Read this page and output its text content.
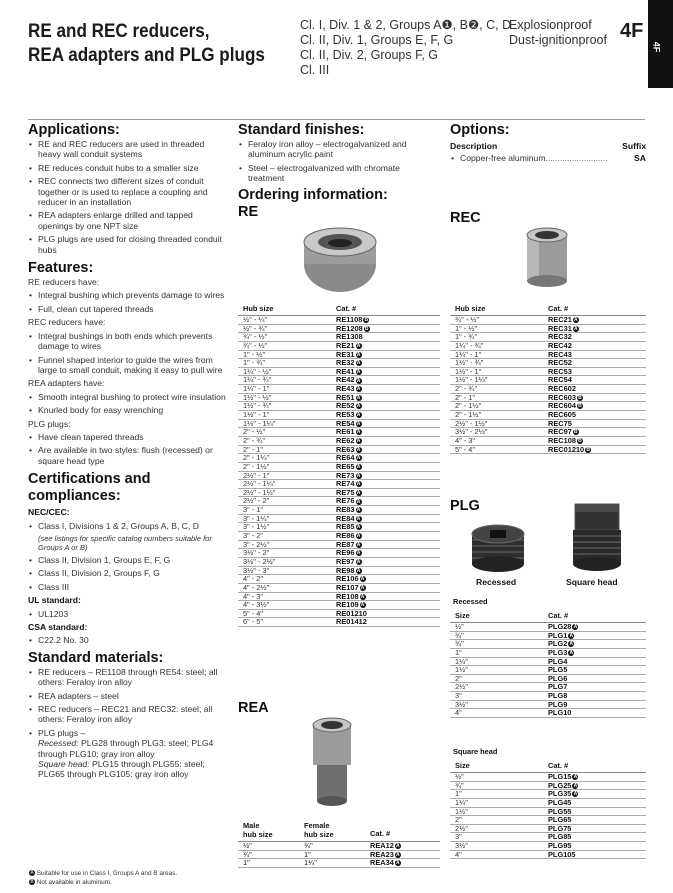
RE and REC reducers,
REA adapters and PLG plugs
Cl. I, Div. 1 & 2, Groups A❶, B❷, C, D
Cl. II, Div. 1, Groups E, F, G
Cl. II, Div. 2, Groups F, G
Cl. III
Explosionproof
Dust-ignitionproof 4F
4F
Applications:
• RE and REC reducers are used in threaded heavy wall conduit systems
• RE reduces conduit hubs to a smaller size
• REC connects two different sizes of conduit together or is used to replace a coupling and reducer in an installation
• REA adapters enlarge drilled and tapped openings by one NPT size
• PLG plugs are used for closing threaded conduit hubs
Features:

RE reducers have:

• Integral bushing which prevents damage to wires
• Full, clean cut tapered threads

REC reducers have:

• Integral bushings in both ends which prevents damage to wires
• Funnel shaped interior to guide the wires from large to small conduit, making it easy to pull wire

REA adapters have:

• Smooth integral bushing to protect wire insulation
• Knurled body for easy wrenching

PLG plugs:

• Have clean tapered threads
• Are available in two styles: flush (recessed) or square head type
Certifications and
compliances:

NEC/CEC:

• Class I, Divisions 1 & 2, Groups A, B, C, D

(see listings for specific catalog numbers suitable for Groups A or B)

• Class II, Division 1, Groups E, F, G
• Class II, Division 2, Groups F, G
• Class III

UL standard:

• UL1203

CSA standard:

• C22.2 No. 30
Standard materials:
• RE reducers – RE1108 through RE54: steel; all others: Feraloy iron alloy
• REA adapters – steel
• REC reducers – REC21 and REC32: steel; all others: Feraloy iron alloy
• PLG plugs –
Recessed: PLG28 through PLG3: steel; PLG4 through PLG10: gray iron alloy
Square head: PLG15 through PLG55: steel; PLG65 through PLG105: gray iron alloy
A Suitable for use in Class I, Groups A and B areas.
B Not available in aluminum.
Standard finishes:
• Feraloy iron alloy – electrogalvanized and aluminum acrylic paint
• Steel – electrogalvanized with chromate treatment
Ordering information:
RE
Hub size	Cat. #
½" - ¼"	RE1108 B
½" - ¾"	RE1208 B
¾" - ½"	RE1308
¾" - ½"	RE21 A
1" - ½"	RE31 A
1" - ¾"	RE32 A
1¼" - ½"	RE41 A
1¼" - ¾"	RE42 A
1¼" - 1"	RE43 A
1½" - ½"	RE51 A
1½" - ¾"	RE52 A
1½" - 1"	RE53 A
1½" - 1¼"	RE54 A
2" - ½"	RE61 A
2" - ¾"	RE62 A
2" - 1"	RE63 A
2" - 1¼"	RE64 A
2" - 1½"	RE65 A
2½" - 1"	RE73 A
2½" - 1¼"	RE74 A
2½" - 1½"	RE75 A
2½" - 2"	RE76 A
3" - 1"	RE83 A
3" - 1¼"	RE84 A
3" - 1½"	RE85 A
3" - 2"	RE86 A
3" - 2½"	RE87 A
3½" - 2"	RE96 A
3½" - 2½"	RE97 A
3½" - 3"	RE98 A
4" - 2"	RE106 A
4" - 2½"	RE107 A
4" - 3"	RE108 A
4" - 3½"	RE109 A
5" - 4"	RE01210
6" - 5"	RE01412
REA
Male
hub size
Female
hub size	Cat. #
½"	¾"	REA12 A
¾"	1"	REA23 A
1"	1¼"	REA34 A
Options:
Description	Suffix
• Copper-free aluminum ..........................	SA
REC
Hub size	Cat. #
¾" - ½"	REC21 A
1" - ½"	REC31 A
1" - ¾"	REC32
1¼" - ¾"	REC42
1¼" - 1"	REC43
1½" - ¾"	REC52
1½" - 1"	REC53
1½" - 1¼"	REC54
2" - ¾"	REC602
2" - 1"	REC603 B
2" - 1½"	REC604 B
2" - 1½"	REC605
2½" - 1½"	REC75
3½" - 2½"	REC97 B
4" - 3"	REC108 B
5" - 4"	REC01210 B
PLG
Recessed	Square head
Recessed
Size	Cat. #
½"	PLG28 A
¾"	PLG1 A
¾"	PLG2 A
1"	PLG3 A
1¼"	PLG4
1½"	PLG5
2"	PLG6
2½"	PLG7
3"	PLG8
3½"	PLG9
4"	PLG10
Square head
Size	Cat. #
½"	PLG15 A
¾"	PLG25 A
1"	PLG35 A
1¼"	PLG45
1½"	PLG55
2"	PLG65
2½"	PLG75
3"	PLG85
3½"	PLG95
4"	PLG105
